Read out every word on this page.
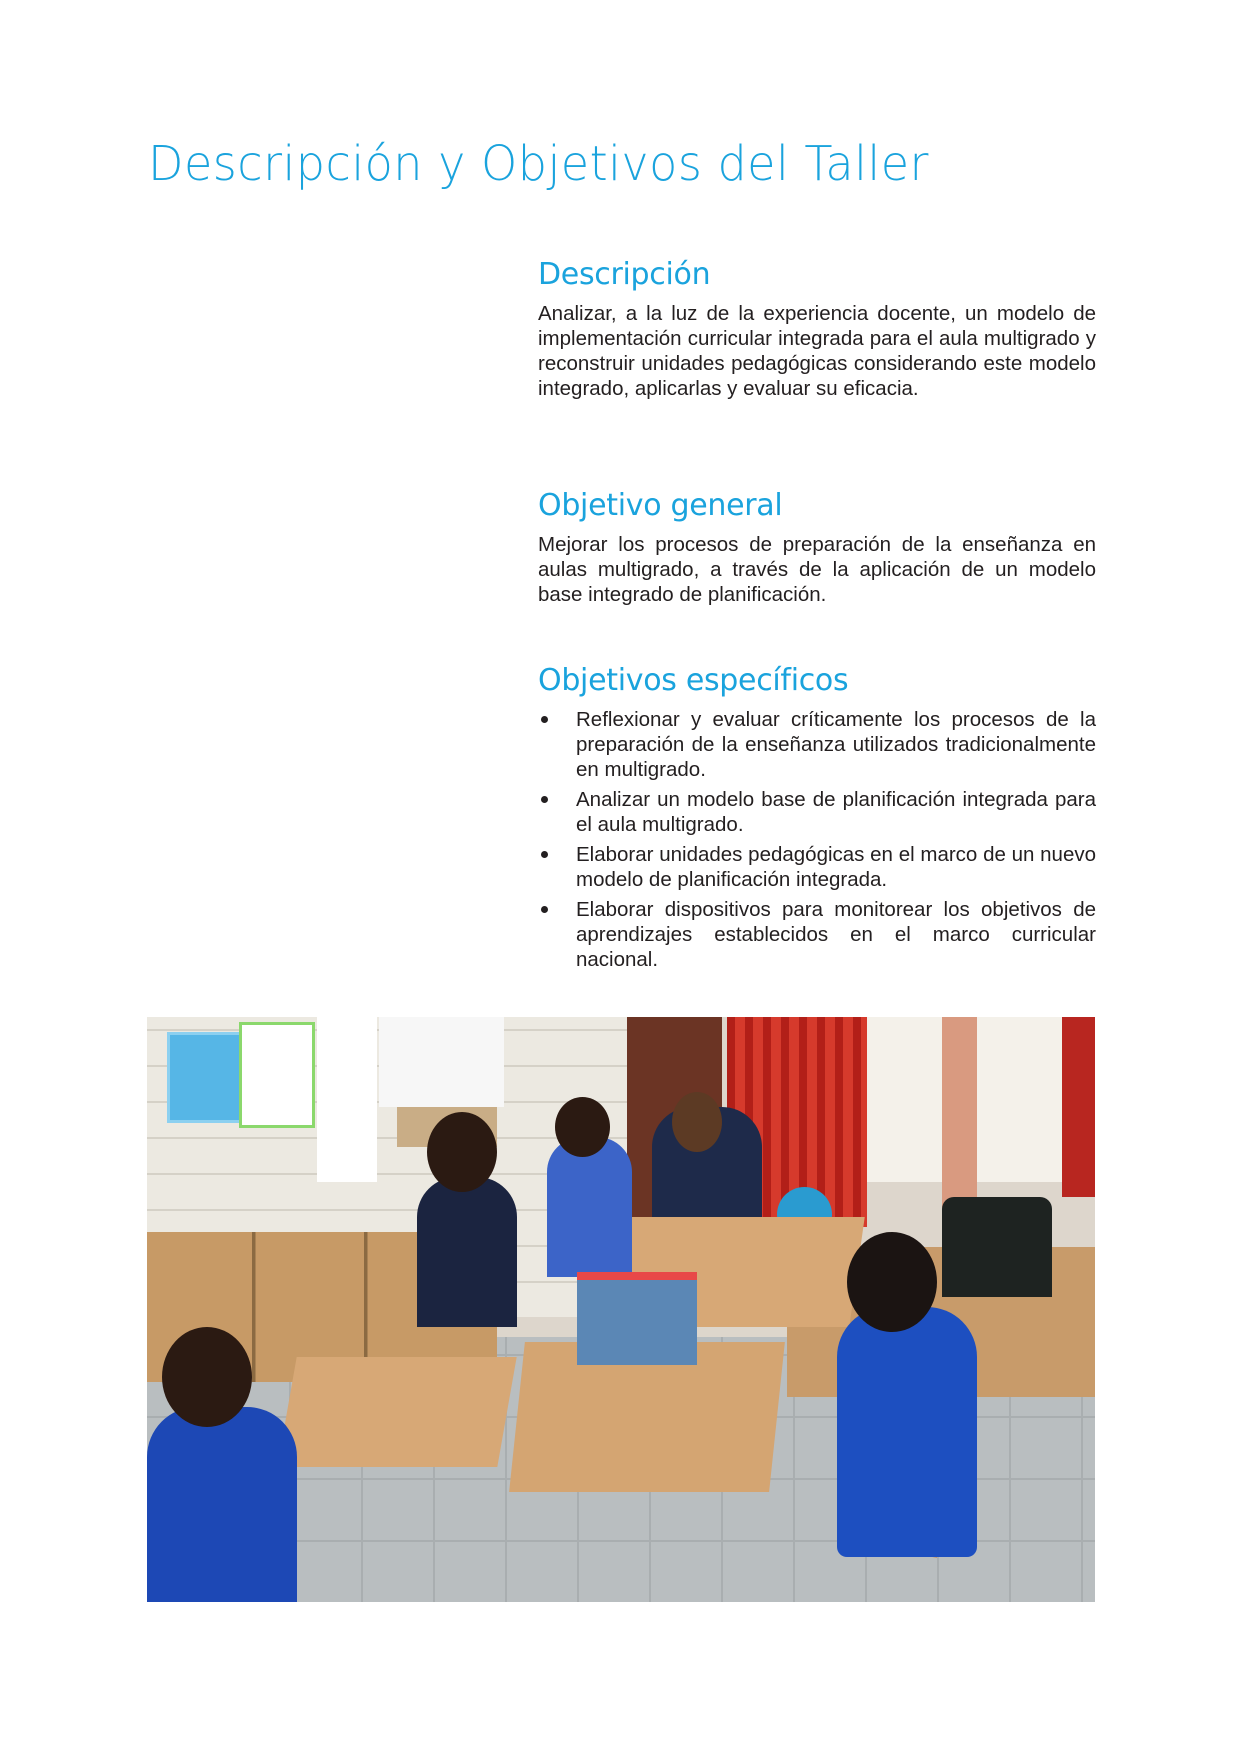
Descripción y Objetivos del Taller
Descripción

Analizar, a la luz de la experiencia docente, un modelo de implementación curricular integrada para el aula multigrado y reconstruir unidades pedagógicas considerando este modelo integrado, aplicarlas y evaluar su eficacia.

Objetivo general

Mejorar los procesos de preparación de la enseñanza en aulas multigrado, a través de la aplicación de un modelo base integrado de planificación.

Objetivos específicos
Reflexionar y evaluar críticamente los procesos de la preparación de la enseñanza utilizados tradicionalmente en multigrado.
Analizar un modelo base de planificación integrada para el aula multigrado.
Elaborar unidades pedagógicas en el marco de un nuevo modelo de planificación integrada.
Elaborar dispositivos para monitorear los objetivos de aprendizajes establecidos en el marco curricular nacional.
